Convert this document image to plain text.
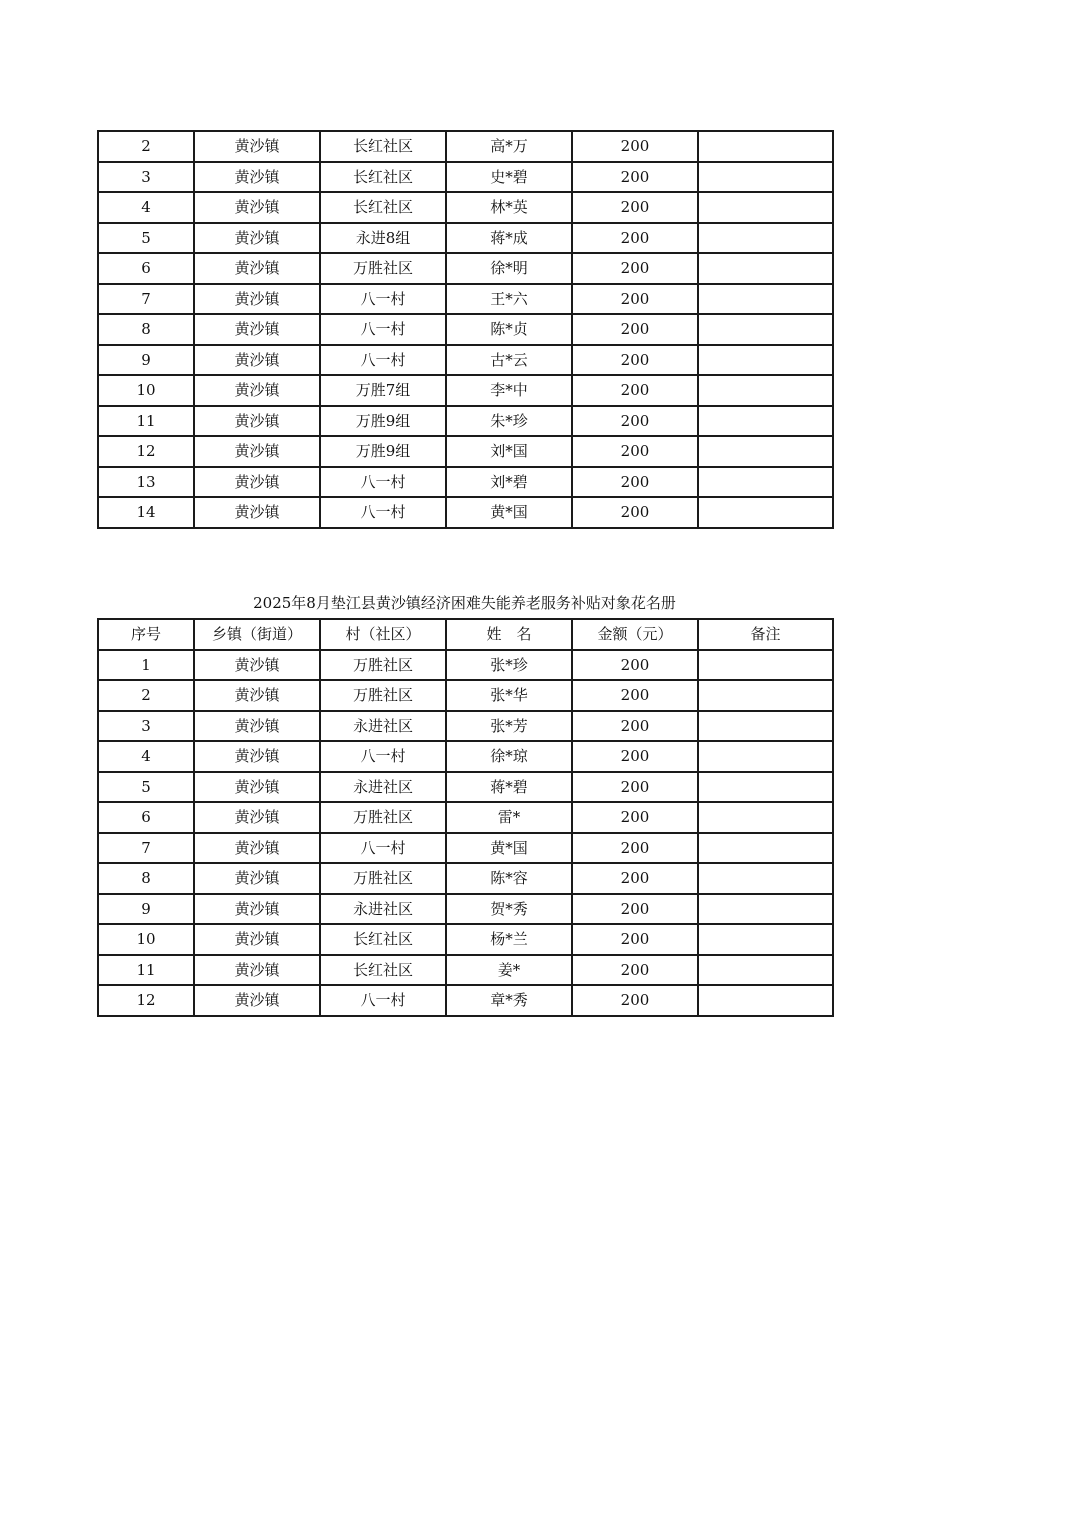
2	黄沙镇	长红社区	高*万	200	
3	黄沙镇	长红社区	史*碧	200	
4	黄沙镇	长红社区	林*英	200	
5	黄沙镇	永进8组	蒋*成	200	
6	黄沙镇	万胜社区	徐*明	200	
7	黄沙镇	八一村	王*六	200	
8	黄沙镇	八一村	陈*贞	200	
9	黄沙镇	八一村	古*云	200	
10	黄沙镇	万胜7组	李*中	200	
11	黄沙镇	万胜9组	朱*珍	200	
12	黄沙镇	万胜9组	刘*国	200	
13	黄沙镇	八一村	刘*碧	200	
14	黄沙镇	八一村	黄*国	200	
2025年8月垫江县黄沙镇经济困难失能养老服务补贴对象花名册
序号	乡镇（街道）	村（社区）	姓　名	金额（元）	备注
1	黄沙镇	万胜社区	张*珍	200	
2	黄沙镇	万胜社区	张*华	200	
3	黄沙镇	永进社区	张*芳	200	
4	黄沙镇	八一村	徐*琼	200	
5	黄沙镇	永进社区	蒋*碧	200	
6	黄沙镇	万胜社区	雷*	200	
7	黄沙镇	八一村	黄*国	200	
8	黄沙镇	万胜社区	陈*容	200	
9	黄沙镇	永进社区	贺*秀	200	
10	黄沙镇	长红社区	杨*兰	200	
11	黄沙镇	长红社区	姜*	200	
12	黄沙镇	八一村	章*秀	200	
